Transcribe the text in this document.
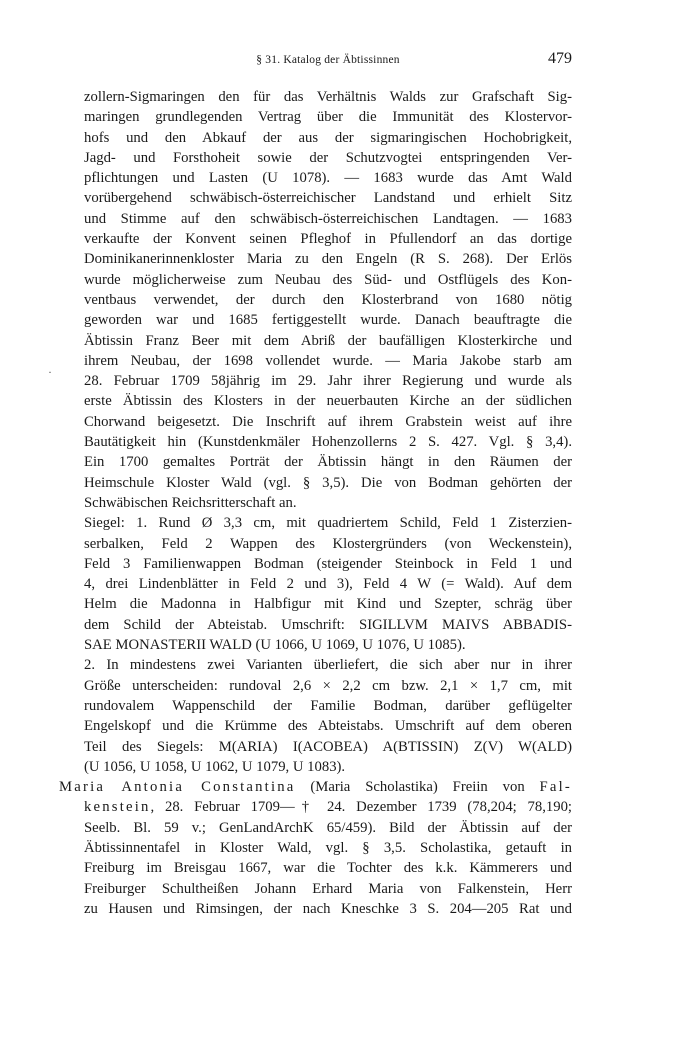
§ 31. Katalog der Äbtissinnen	479
·
zollern-Sigmaringen den für das Verhältnis Walds zur Grafschaft Sig-
maringen grundlegenden Vertrag über die Immunität des Klostervor-
hofs und den Abkauf der aus der sigmaringischen Hochobrigkeit,
Jagd- und Forsthoheit sowie der Schutzvogtei entspringenden Ver-
pflichtungen und Lasten (U 1078). — 1683 wurde das Amt Wald
vorübergehend schwäbisch-österreichischer Landstand und erhielt Sitz
und Stimme auf den schwäbisch-österreichischen Landtagen. — 1683
verkaufte der Konvent seinen Pfleghof in Pfullendorf an das dortige
Dominikanerinnenkloster Maria zu den Engeln (R S. 268). Der Erlös
wurde möglicherweise zum Neubau des Süd- und Ostflügels des Kon-
ventbaus verwendet, der durch den Klosterbrand von 1680 nötig
geworden war und 1685 fertiggestellt wurde. Danach beauftragte die
Äbtissin Franz Beer mit dem Abriß der baufälligen Klosterkirche und
ihrem Neubau, der 1698 vollendet wurde. — Maria Jakobe starb am
28. Februar 1709 58jährig im 29. Jahr ihrer Regierung und wurde als
erste Äbtissin des Klosters in der neuerbauten Kirche an der südlichen
Chorwand beigesetzt. Die Inschrift auf ihrem Grabstein weist auf ihre
Bautätigkeit hin (Kunstdenkmäler Hohenzollerns 2 S. 427. Vgl. § 3,4).
Ein 1700 gemaltes Porträt der Äbtissin hängt in den Räumen der
Heimschule Kloster Wald (vgl. § 3,5). Die von Bodman gehörten der
Schwäbischen Reichsritterschaft an.
Siegel: 1. Rund Ø 3,3 cm, mit quadriertem Schild, Feld 1 Zisterzien-
serbalken, Feld 2 Wappen des Klostergründers (von Weckenstein),
Feld 3 Familienwappen Bodman (steigender Steinbock in Feld 1 und
4, drei Lindenblätter in Feld 2 und 3), Feld 4 W (= Wald). Auf dem
Helm die Madonna in Halbfigur mit Kind und Szepter, schräg über
dem Schild der Abteistab. Umschrift: SIGILLVM MAIVS ABBADIS-
SAE MONASTERII WALD (U 1066, U 1069, U 1076, U 1085).
2. In mindestens zwei Varianten überliefert, die sich aber nur in ihrer
Größe unterscheiden: rundoval 2,6 × 2,2 cm bzw. 2,1 × 1,7 cm, mit
rundovalem Wappenschild der Familie Bodman, darüber geflügelter
Engelskopf und die Krümme des Abteistabs. Umschrift auf dem oberen
Teil des Siegels: M(ARIA) I(ACOBEA) A(BTISSIN) Z(V) W(ALD)
(U 1056, U 1058, U 1062, U 1079, U 1083).
Maria Antonia Constantina (Maria Scholastika) Freiin von Fal-
kenstein, 28. Februar 1709—† 24. Dezember 1739 (78,204; 78,190;
Seelb. Bl. 59 v.; GenLandArchK 65/459). Bild der Äbtissin auf der
Äbtissinnentafel in Kloster Wald, vgl. § 3,5. Scholastika, getauft in
Freiburg im Breisgau 1667, war die Tochter des k.k. Kämmerers und
Freiburger Schultheißen Johann Erhard Maria von Falkenstein, Herr
zu Hausen und Rimsingen, der nach Kneschke 3 S. 204—205 Rat und
